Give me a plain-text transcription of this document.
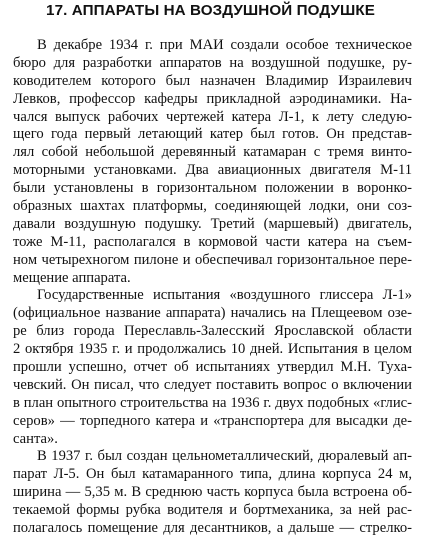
17. АППАРАТЫ НА ВОЗДУШНОЙ ПОДУШКЕ
В декабре 1934 г. при МАИ создали особое техническое
бюро для разработки аппаратов на воздушной подушке, ру-
ководителем которого был назначен Владимир Израилевич
Левков, профессор кафедры прикладной аэродинамики. На-
чался выпуск рабочих чертежей катера Л-1, к лету следую-
щего года первый летающий катер был готов. Он представ-
лял собой небольшой деревянный катамаран с тремя винто-
моторными установками. Два авиационных двигателя М-11
были установлены в горизонтальном положении в воронко-
образных шахтах платформы, соединяющей лодки, они соз-
давали воздушную подушку. Третий (маршевый) двигатель,
тоже М-11, располагался в кормовой части катера на съем-
ном четырехногом пилоне и обеспечивал горизонтальное пере-
мещение аппарата.
Государственные испытания «воздушного глиссера Л-1»
(официальное название аппарата) начались на Плещеевом озе-
ре близ города Переславль-Залесский Ярославской области
2 октября 1935 г. и продолжались 10 дней. Испытания в целом
прошли успешно, отчет об испытаниях утвердил М.Н. Туха-
чевский. Он писал, что следует поставить вопрос о включении
в план опытного строительства на 1936 г. двух подобных «глис-
серов» — торпедного катера и «транспортера для высадки де-
санта».
В 1937 г. был создан цельнометаллический, дюралевый ап-
парат Л-5. Он был катамаранного типа, длина корпуса 24 м,
ширина — 5,35 м. В среднюю часть корпуса была встроена об-
текаемой формы рубка водителя и бортмеханика, за ней рас-
полагалось помещение для десантников, а дальше — стрелко-
